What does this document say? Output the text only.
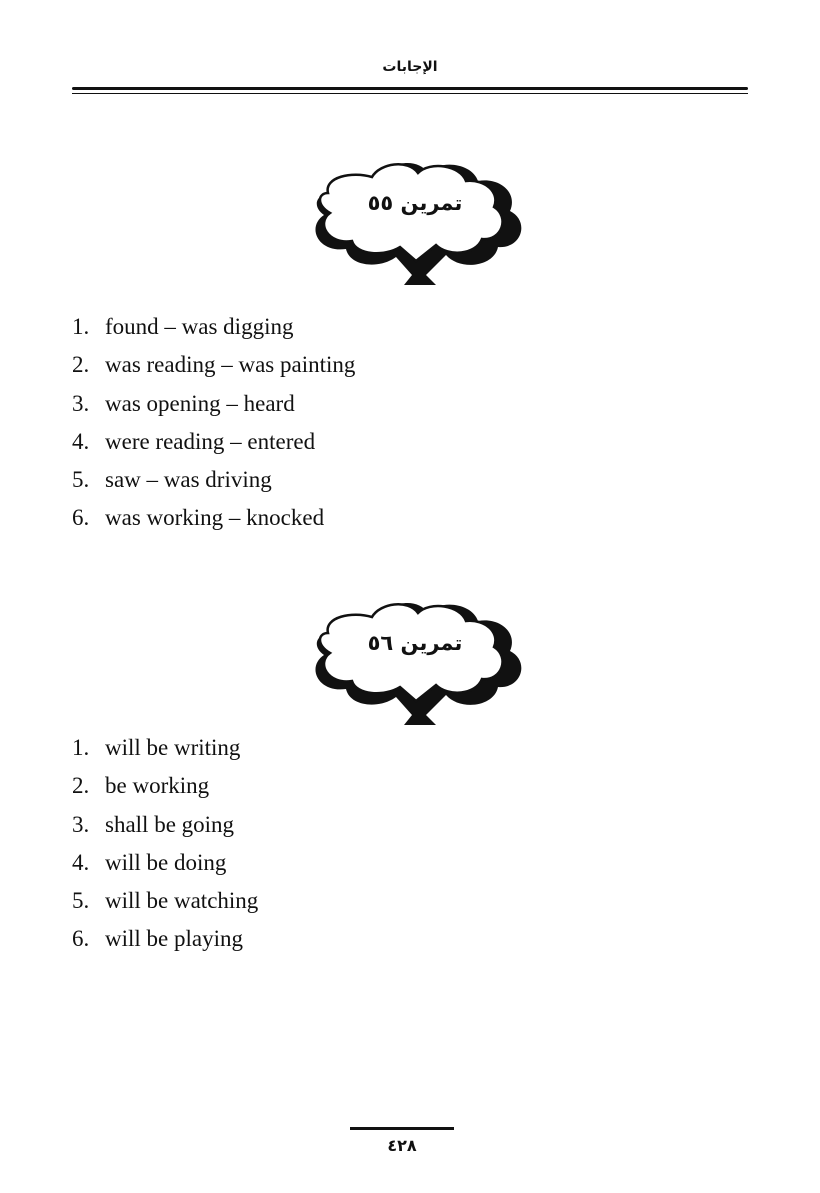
الإجابات
تمرين ٥٥
1. found – was digging
2. was reading – was painting
3. was opening – heard
4. were reading – entered
5. saw – was driving
6. was working – knocked
تمرين ٥٦
1. will be writing
2. be working
3. shall be going
4. will be doing
5. will be watching
6. will be playing
٤٢٨
